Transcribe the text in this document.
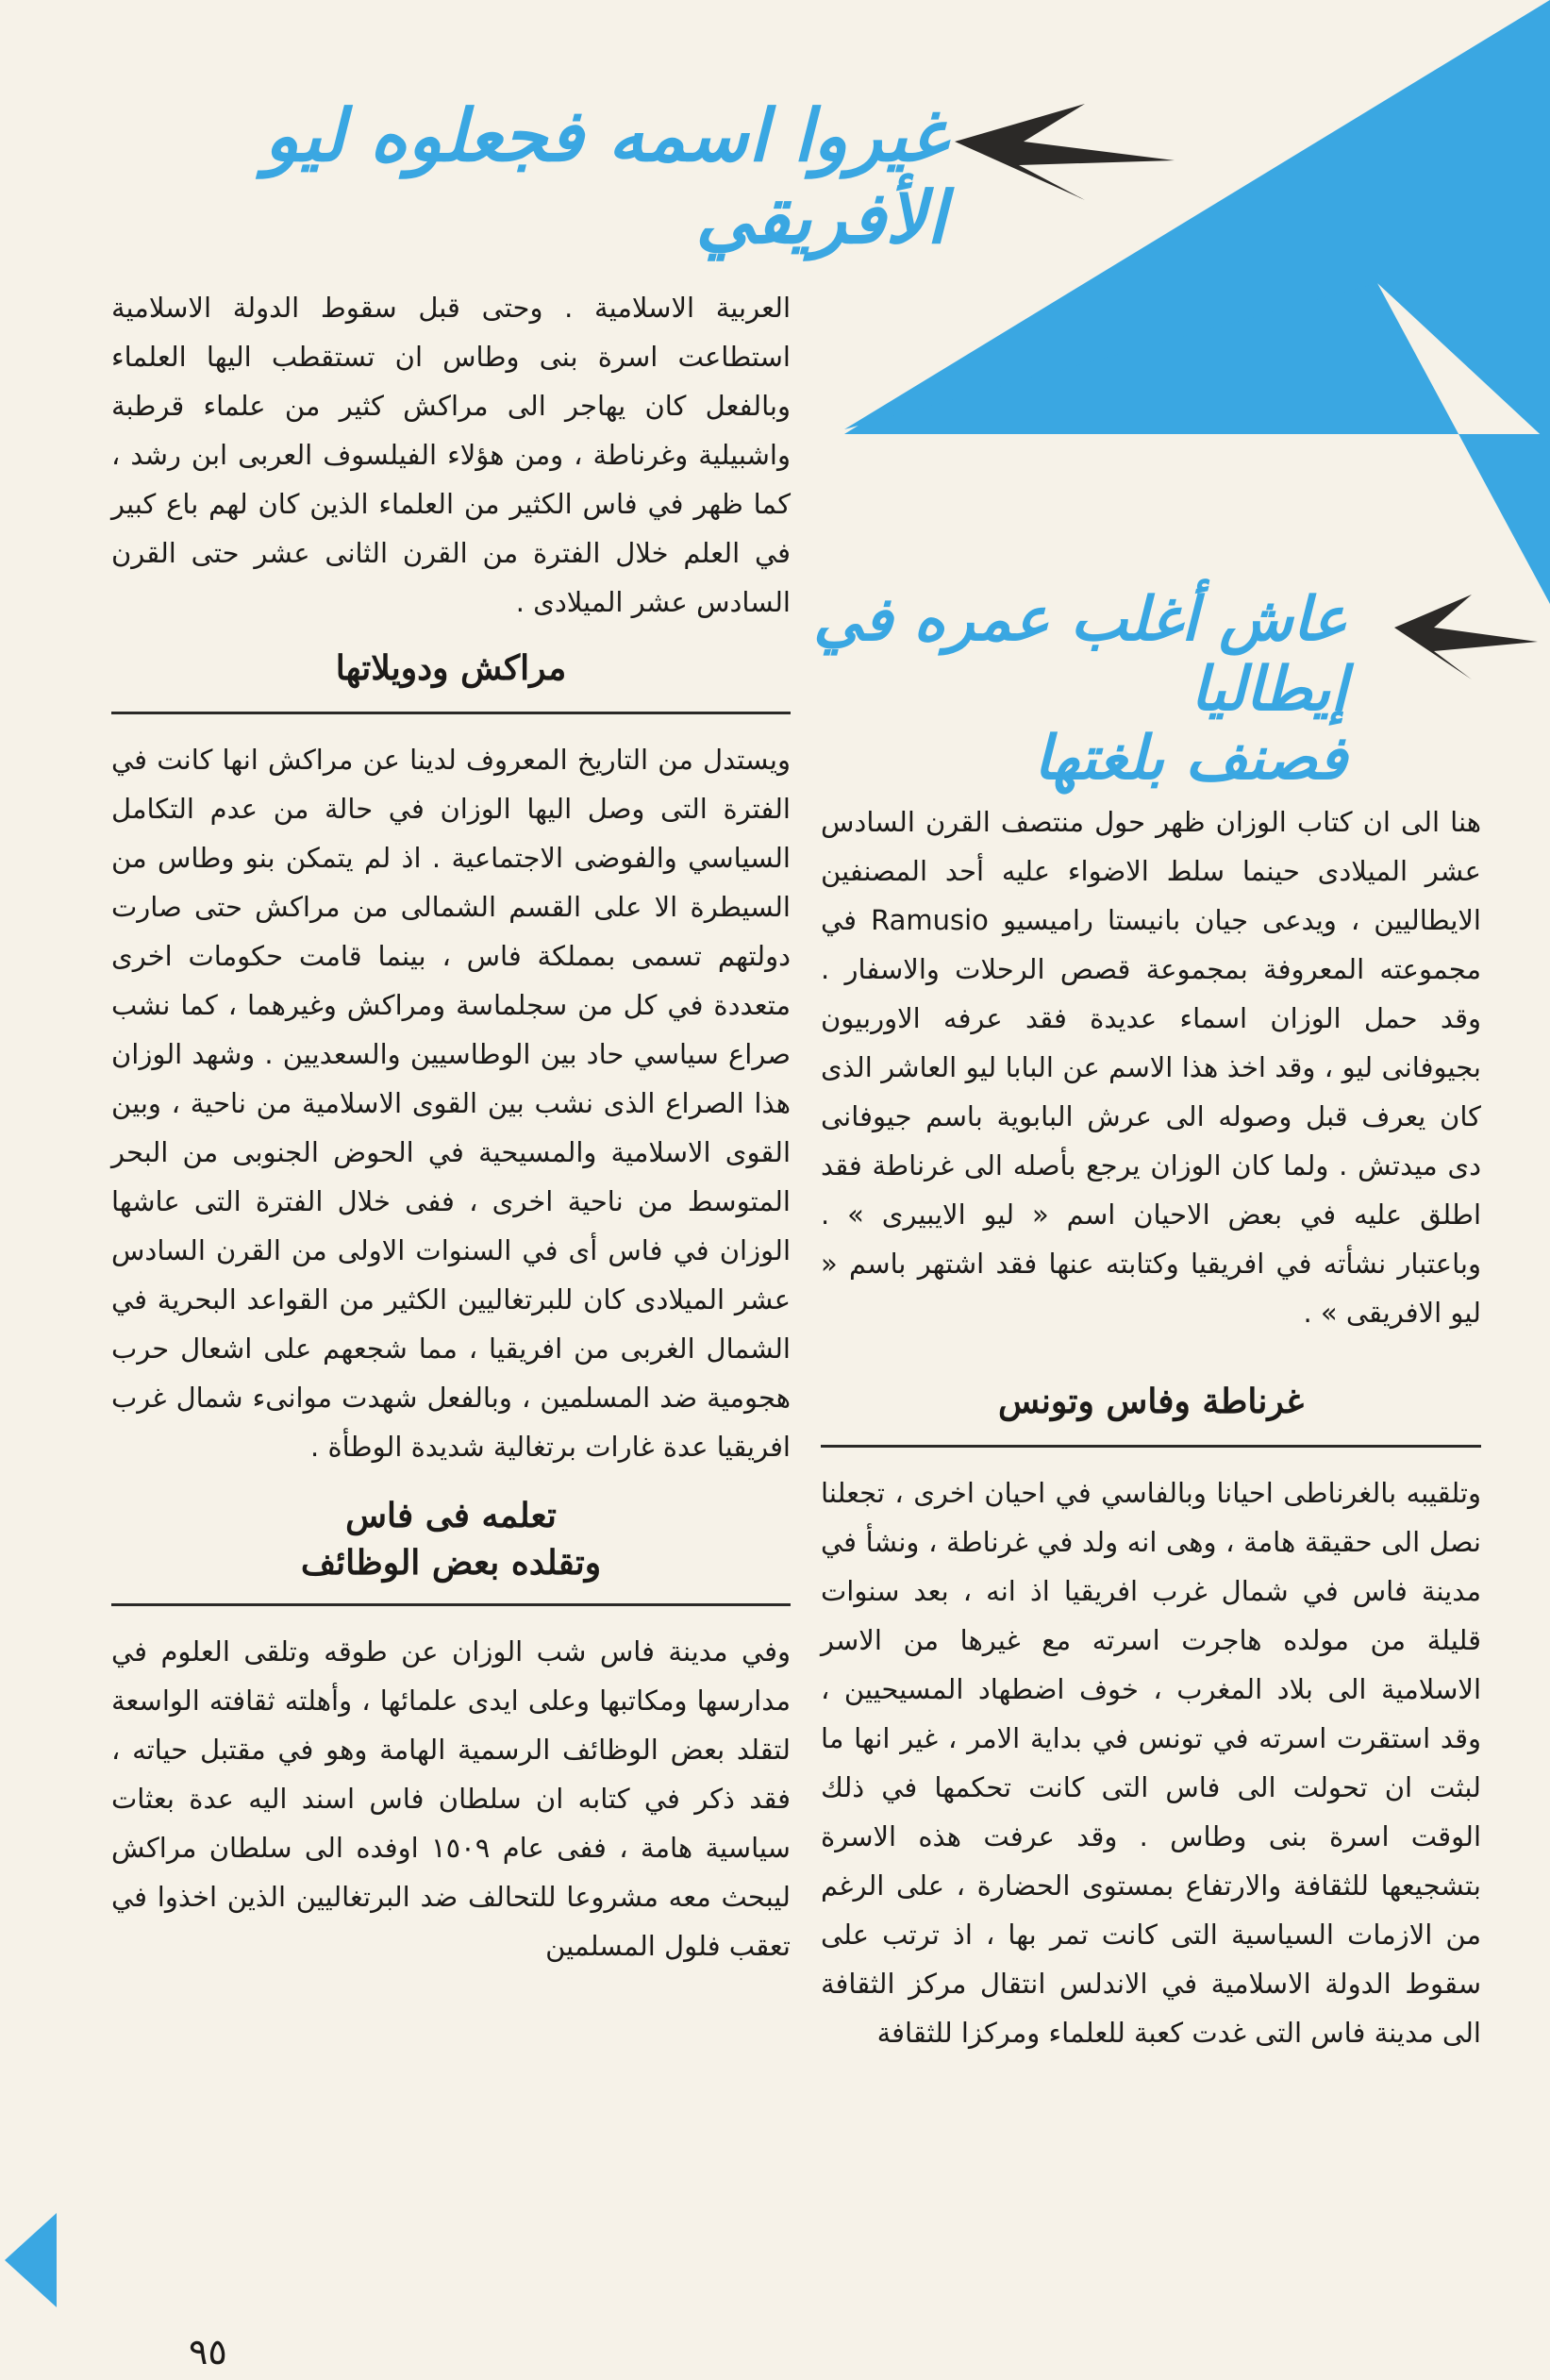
غيروا اسمه فجعلوه ليو الأفريقي
عاش أغلب عمره في إيطاليا
فصنف بلغتها

العربية الاسلامية . وحتى قبل سقوط الدولة الاسلامية استطاعت اسرة بنى وطاس ان تستقطب اليها العلماء وبالفعل كان يهاجر الى مراكش كثير من علماء قرطبة واشبيلية وغرناطة ، ومن هؤلاء الفيلسوف العربى ابن رشد ، كما ظهر في فاس الكثير من العلماء الذين كان لهم باع كبير في العلم خلال الفترة من القرن الثانى عشر حتى القرن السادس عشر الميلادى .

مراكش ودويلاتها

ويستدل من التاريخ المعروف لدينا عن مراكش انها كانت في الفترة التى وصل اليها الوزان في حالة من عدم التكامل السياسي والفوضى الاجتماعية . اذ لم يتمكن بنو وطاس من السيطرة الا على القسم الشمالى من مراكش حتى صارت دولتهم تسمى بمملكة فاس ، بينما قامت حكومات اخرى متعددة في كل من سجلماسة ومراكش وغيرهما ، كما نشب صراع سياسي حاد بين الوطاسيين والسعديين . وشهد الوزان هذا الصراع الذى نشب بين القوى الاسلامية من ناحية ، وبين القوى الاسلامية والمسيحية في الحوض الجنوبى من البحر المتوسط من ناحية اخرى ، ففى خلال الفترة التى عاشها الوزان في فاس أى في السنوات الاولى من القرن السادس عشر الميلادى كان للبرتغاليين الكثير من القواعد البحرية في الشمال الغربى من افريقيا ، مما شجعهم على اشعال حرب هجومية ضد المسلمين ، وبالفعل شهدت موانىء شمال غرب افريقيا عدة غارات برتغالية شديدة الوطأة .

تعلمه فى فاس
وتقلده بعض الوظائف

وفي مدينة فاس شب الوزان عن طوقه وتلقى العلوم في مدارسها ومكاتبها وعلى ايدى علمائها ، وأهلته ثقافته الواسعة لتقلد بعض الوظائف الرسمية الهامة وهو في مقتبل حياته ، فقد ذكر في كتابه ان سلطان فاس اسند اليه عدة بعثات سياسية هامة ، ففى عام ١٥٠٩ اوفده الى سلطان مراكش ليبحث معه مشروعا للتحالف ضد البرتغاليين الذين اخذوا في تعقب فلول المسلمين

هنا الى ان كتاب الوزان ظهر حول منتصف القرن السادس عشر الميلادى حينما سلط الاضواء عليه أحد المصنفين الايطاليين ، ويدعى جيان بانيستا راميسيو Ramusio في مجموعته المعروفة بمجموعة قصص الرحلات والاسفار . وقد حمل الوزان اسماء عديدة فقد عرفه الاوربيون بجيوفانى ليو ، وقد اخذ هذا الاسم عن البابا ليو العاشر الذى كان يعرف قبل وصوله الى عرش البابوية باسم جيوفانى دى ميدتش . ولما كان الوزان يرجع بأصله الى غرناطة فقد اطلق عليه في بعض الاحيان اسم « ليو الايبيرى » . وباعتبار نشأته في افريقيا وكتابته عنها فقد اشتهر باسم « ليو الافريقى » .

غرناطة وفاس وتونس

وتلقيبه بالغرناطى احيانا وبالفاسي في احيان اخرى ، تجعلنا نصل الى حقيقة هامة ، وهى انه ولد في غرناطة ، ونشأ في مدينة فاس في شمال غرب افريقيا اذ انه ، بعد سنوات قليلة من مولده هاجرت اسرته مع غيرها من الاسر الاسلامية الى بلاد المغرب ، خوف اضطهاد المسيحيين ، وقد استقرت اسرته في تونس في بداية الامر ، غير انها ما لبثت ان تحولت الى فاس التى كانت تحكمها في ذلك الوقت اسرة بنى وطاس . وقد عرفت هذه الاسرة بتشجيعها للثقافة والارتفاع بمستوى الحضارة ، على الرغم من الازمات السياسية التى كانت تمر بها ، اذ ترتب على سقوط الدولة الاسلامية في الاندلس انتقال مركز الثقافة الى مدينة فاس التى غدت كعبة للعلماء ومركزا للثقافة

٩٥
